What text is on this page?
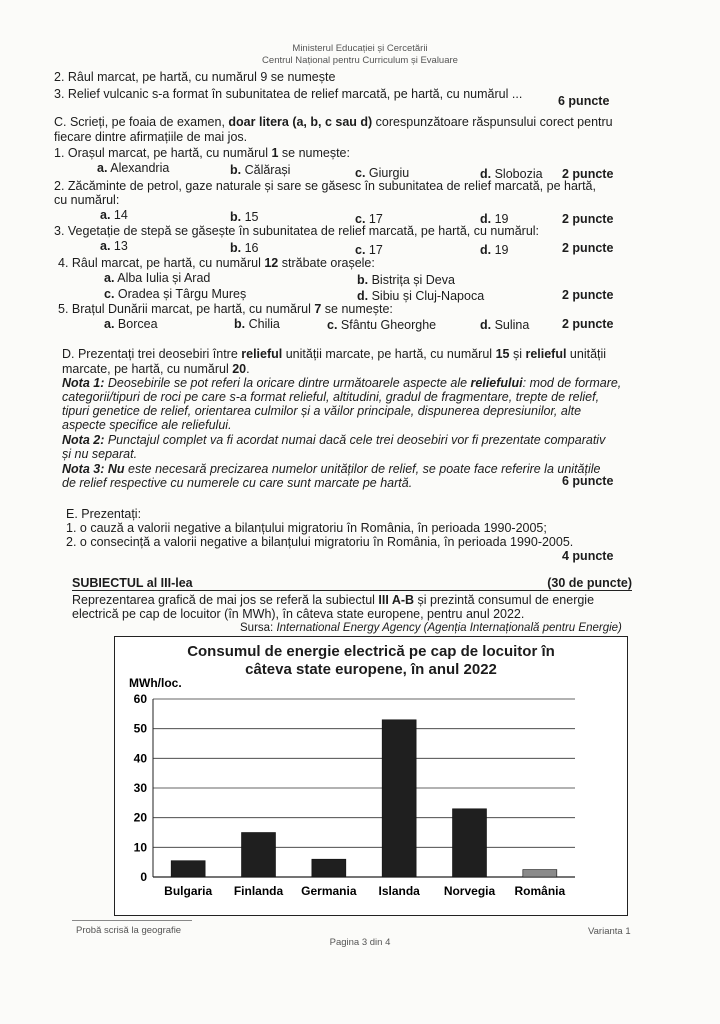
Ministerul Educației și Cercetării
Centrul Național pentru Curriculum și Evaluare
2. Râul marcat, pe hartă, cu numărul 9 se numește
3. Relief vulcanic s-a format în subunitatea de relief marcată, pe hartă, cu numărul ...	6 puncte
C. Scrieți, pe foaia de examen, doar litera (a, b, c sau d) corespunzătoare răspunsului corect pentru
fiecare dintre afirmațiile de mai jos.
1. Orașul marcat, pe hartă, cu numărul 1 se numește:
a. Alexandria	b. Călărași	c. Giurgiu	d. Slobozia 2 puncte
2. Zăcăminte de petrol, gaze naturale și sare se găsesc în subunitatea de relief marcată, pe hartă,
cu numărul:
a. 14	b. 15	c. 17	d. 19	2 puncte
3. Vegetație de stepă se găsește în subunitatea de relief marcată, pe hartă, cu numărul:
a. 13	b. 16	c. 17	d. 19	2 puncte
4. Râul marcat, pe hartă, cu numărul 12 străbate orașele:
a. Alba Iulia și Arad	b. Bistrița și Deva
c. Oradea și Târgu Mureș	d. Sibiu și Cluj-Napoca	2 puncte
5. Brațul Dunării marcat, pe hartă, cu numărul 7 se numește:
a. Borcea	b. Chilia	c. Sfântu Gheorghe	d. Sulina	2 puncte
D. Prezentați trei deosebiri între relieful unității marcate, pe hartă, cu numărul 15 și relieful unității
marcate, pe hartă, cu numărul 20.
Nota 1: Deosebirile se pot referi la oricare dintre următoarele aspecte ale reliefului: mod de formare,
categorii/tipuri de roci pe care s-a format relieful, altitudini, gradul de fragmentare, trepte de relief,
tipuri genetice de relief, orientarea culmilor și a văilor principale, dispunerea depresiunilor, alte
aspecte specifice ale reliefului.
Nota 2: Punctajul complet va fi acordat numai dacă cele trei deosebiri vor fi prezentate comparativ
și nu separat.
Nota 3: Nu este necesară precizarea numelor unităților de relief, se poate face referire la unitățile
de relief respective cu numerele cu care sunt marcate pe hartă.	6 puncte
E. Prezentați:
1. o cauză a valorii negative a bilanțului migratoriu în România, în perioada 1990-2005;
2. o consecință a valorii negative a bilanțului migratoriu în România, în perioada 1990-2005.
4 puncte
SUBIECTUL al III-lea	(30 de puncte)
Reprezentarea grafică de mai jos se referă la subiectul III A-B și prezintă consumul de energie
electrică pe cap de locuitor (în MWh), în câteva state europene, pentru anul 2022.
Sursa: International Energy Agency (Agenția Internațională pentru Energie)
Consumul de energie electrică pe cap de locuitor în
câteva state europene, în anul 2022
MWh/loc.
0
10
20
30
40
50
60
Bulgaria Finlanda Germania Islanda Norvegia România
Probă scrisă la geografie
Pagina 3 din 4
Varianta 1
